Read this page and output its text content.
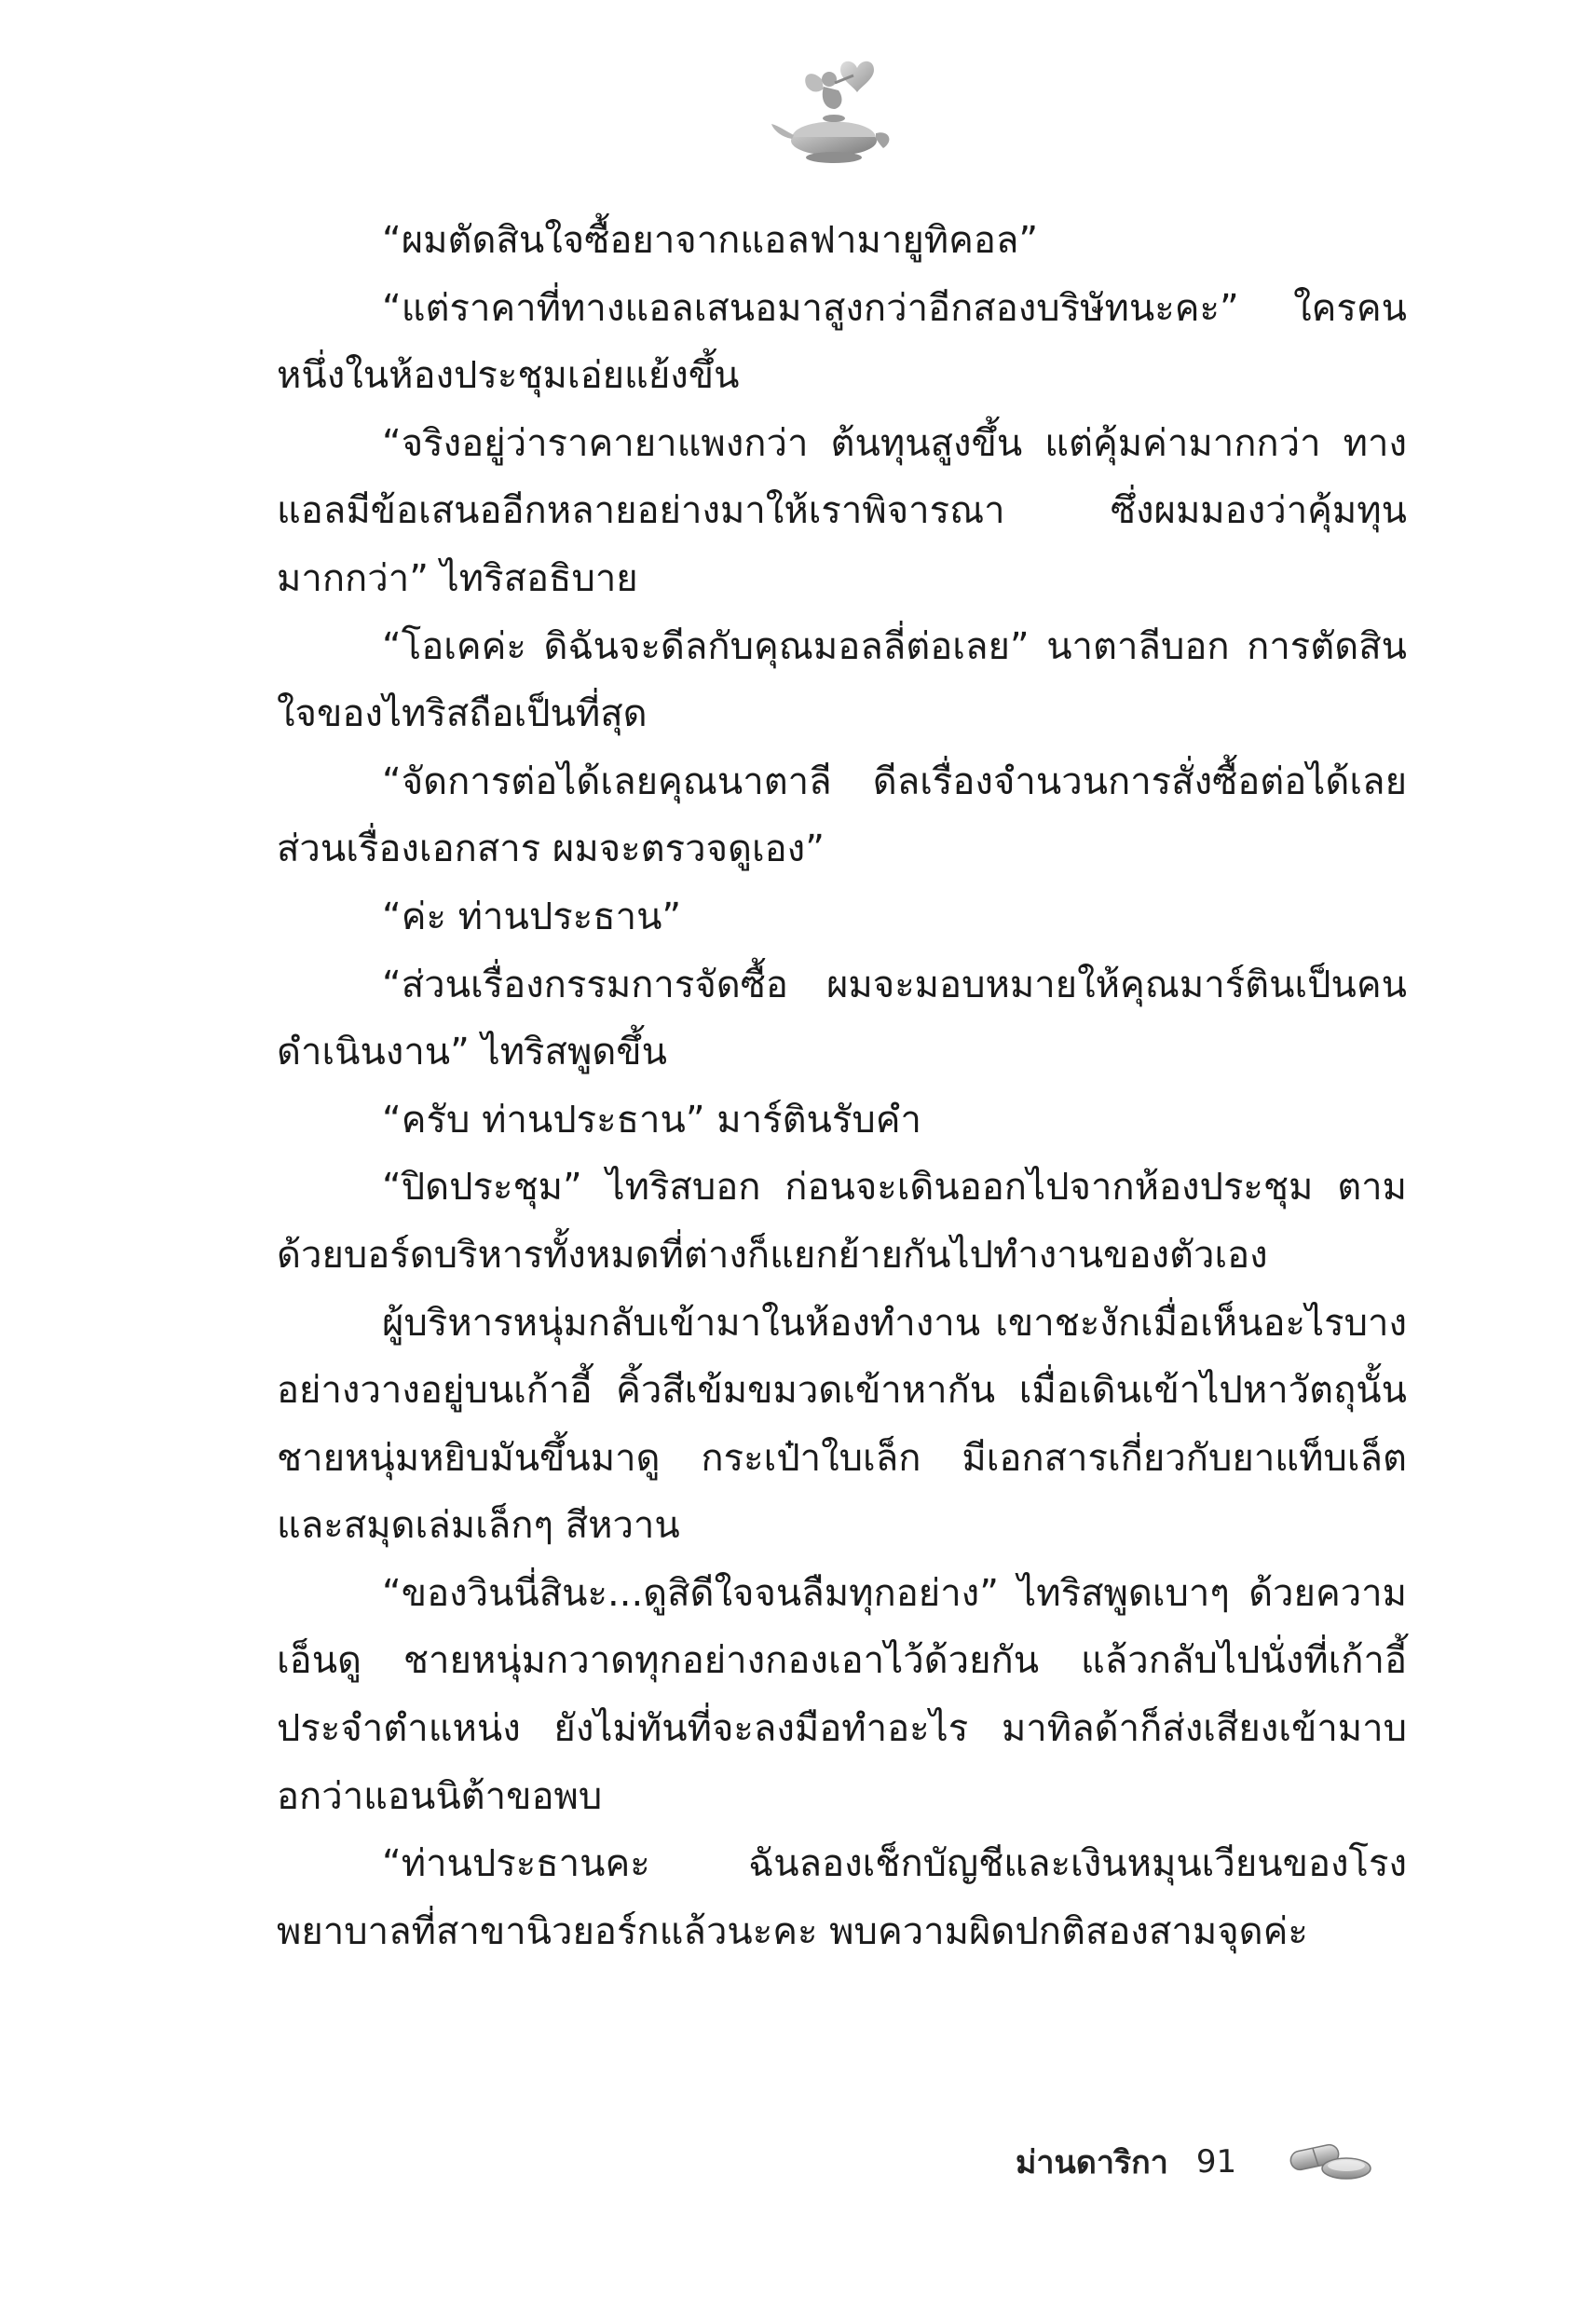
“ผมตัดสินใจซื้อยาจากแอลฟามายูทิคอล”

“แต่ราคาที่ทางแอลเสนอมาสูงกว่าอีกสองบริษัทนะคะ” ใครคนหนึ่งในห้องประชุมเอ่ยแย้งขึ้น

“จริงอยู่ว่าราคายาแพงกว่า ต้นทุนสูงขึ้น แต่คุ้มค่ามากกว่า ทางแอลมีข้อเสนออีกหลายอย่างมาให้เราพิจารณา ซึ่งผมมองว่าคุ้มทุนมากกว่า” ไทริสอธิบาย

“โอเคค่ะ ดิฉันจะดีลกับคุณมอลลี่ต่อเลย” นาตาลีบอก การตัดสินใจของไทริสถือเป็นที่สุด

“จัดการต่อได้เลยคุณนาตาลี ดีลเรื่องจำนวนการสั่งซื้อต่อได้เลย ส่วนเรื่องเอกสาร ผมจะตรวจดูเอง”

“ค่ะ ท่านประธาน”

“ส่วนเรื่องกรรมการจัดซื้อ ผมจะมอบหมายให้คุณมาร์ตินเป็นคนดำเนินงาน” ไทริสพูดขึ้น

“ครับ ท่านประธาน” มาร์ตินรับคำ

“ปิดประชุม” ไทริสบอก ก่อนจะเดินออกไปจากห้องประชุม ตามด้วยบอร์ดบริหารทั้งหมดที่ต่างก็แยกย้ายกันไปทำงานของตัวเอง

ผู้บริหารหนุ่มกลับเข้ามาในห้องทำงาน เขาชะงักเมื่อเห็นอะไรบางอย่างวางอยู่บนเก้าอี้ คิ้วสีเข้มขมวดเข้าหากัน เมื่อเดินเข้าไปหาวัตถุนั้น ชายหนุ่มหยิบมันขึ้นมาดู กระเป๋าใบเล็ก มีเอกสารเกี่ยวกับยาแท็บเล็ต และสมุดเล่มเล็กๆ สีหวาน

“ของวินนี่สินะ...ดูสิดีใจจนลืมทุกอย่าง” ไทริสพูดเบาๆ ด้วยความเอ็นดู ชายหนุ่มกวาดทุกอย่างกองเอาไว้ด้วยกัน แล้วกลับไปนั่งที่เก้าอี้ประจำตำแหน่ง ยังไม่ทันที่จะลงมือทำอะไร มาทิลด้าก็ส่งเสียงเข้ามาบอกว่าแอนนิต้าขอพบ

“ท่านประธานคะ ฉันลองเช็กบัญชีและเงินหมุนเวียนของโรงพยาบาลที่สาขานิวยอร์กแล้วนะคะ พบความผิดปกติสองสามจุดค่ะ

ม่านดาริกา 91
